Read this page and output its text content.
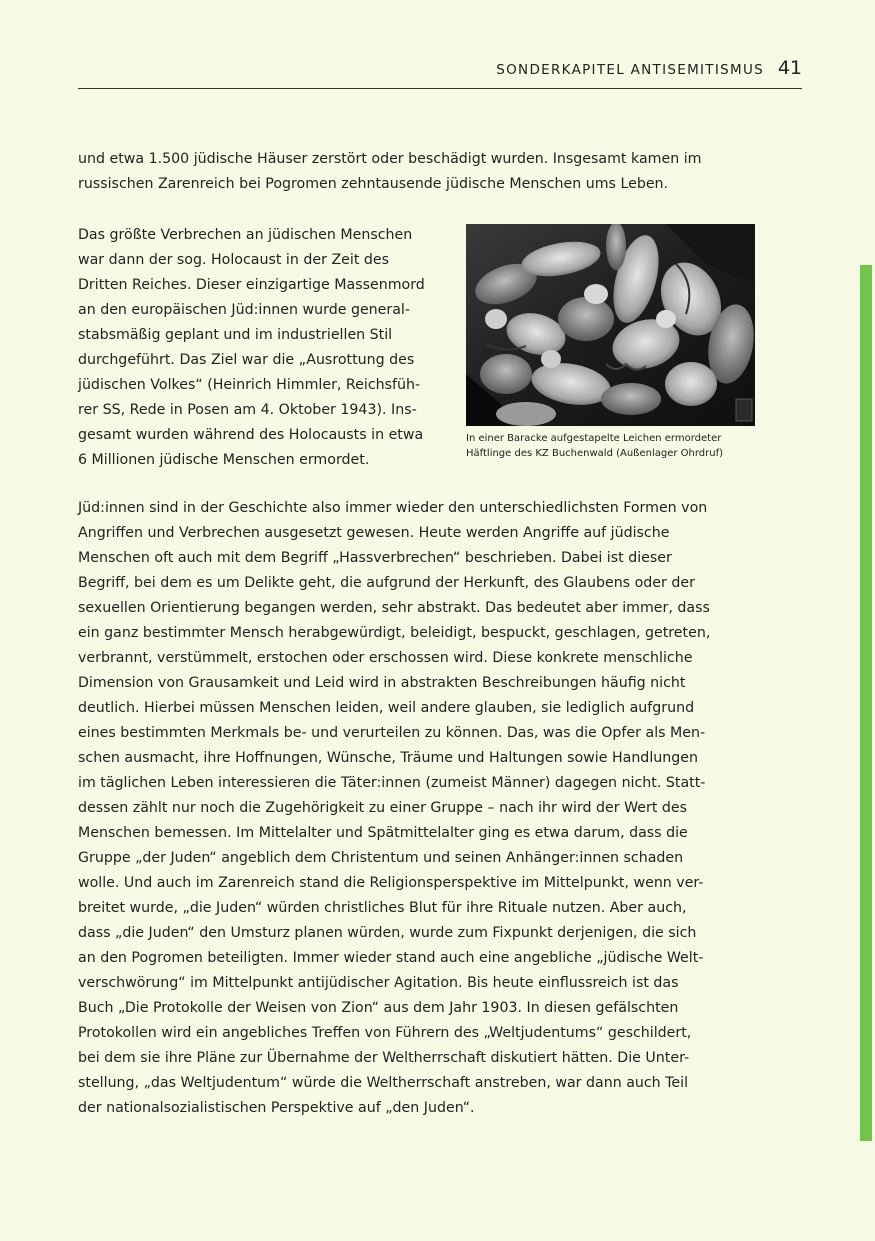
SONDERKAPITEL ANTISEMITISMUS 41

und etwa 1.500 jüdische Häuser zerstört oder beschädigt wurden. Insgesamt kamen im
russischen Zarenreich bei Pogromen zehntausende jüdische Menschen ums Leben.

Das größte Verbrechen an jüdischen Menschen
war dann der sog. Holocaust in der Zeit des
Dritten Reiches. Dieser einzigartige Massenmord
an den europäischen Jüd:innen wurde general-
stabsmäßig geplant und im industriellen Stil
durchgeführt. Das Ziel war die „Ausrottung des
jüdischen Volkes“ (Heinrich Himmler, Reichsfüh-
rer SS, Rede in Posen am 4. Oktober 1943). Ins-
gesamt wurden während des Holocausts in etwa
6 Millionen jüdische Menschen ermordet.

In einer Baracke aufgestapelte Leichen ermordeter
Häftlinge des KZ Buchenwald (Außenlager Ohrdruf)

Jüd:innen sind in der Geschichte also immer wieder den unterschiedlichsten Formen von
Angriffen und Verbrechen ausgesetzt gewesen. Heute werden Angriffe auf jüdische
Menschen oft auch mit dem Begriff „Hassverbrechen“ beschrieben. Dabei ist dieser
Begriff, bei dem es um Delikte geht, die aufgrund der Herkunft, des Glaubens oder der
sexuellen Orientierung begangen werden, sehr abstrakt. Das bedeutet aber immer, dass
ein ganz bestimmter Mensch herabgewürdigt, beleidigt, bespuckt, geschlagen, getreten,
verbrannt, verstümmelt, erstochen oder erschossen wird. Diese konkrete menschliche
Dimension von Grausamkeit und Leid wird in abstrakten Beschreibungen häufig nicht
deutlich. Hierbei müssen Menschen leiden, weil andere glauben, sie lediglich aufgrund
eines bestimmten Merkmals be- und verurteilen zu können. Das, was die Opfer als Men-
schen ausmacht, ihre Hoffnungen, Wünsche, Träume und Haltungen sowie Handlungen
im täglichen Leben interessieren die Täter:innen (zumeist Männer) dagegen nicht. Statt-
dessen zählt nur noch die Zugehörigkeit zu einer Gruppe – nach ihr wird der Wert des
Menschen bemessen. Im Mittelalter und Spätmittelalter ging es etwa darum, dass die
Gruppe „der Juden“ angeblich dem Christentum und seinen Anhänger:innen schaden
wolle. Und auch im Zarenreich stand die Religionsperspektive im Mittelpunkt, wenn ver-
breitet wurde, „die Juden“ würden christliches Blut für ihre Rituale nutzen. Aber auch,
dass „die Juden“ den Umsturz planen würden, wurde zum Fixpunkt derjenigen, die sich
an den Pogromen beteiligten. Immer wieder stand auch eine angebliche „jüdische Welt-
verschwörung“ im Mittelpunkt antijüdischer Agitation. Bis heute einflussreich ist das
Buch „Die Protokolle der Weisen von Zion“ aus dem Jahr 1903. In diesen gefälschten
Protokollen wird ein angebliches Treffen von Führern des „Weltjudentums“ geschildert,
bei dem sie ihre Pläne zur Übernahme der Weltherrschaft diskutiert hätten. Die Unter-
stellung, „das Weltjudentum“ würde die Weltherrschaft anstreben, war dann auch Teil
der nationalsozialistischen Perspektive auf „den Juden“.
